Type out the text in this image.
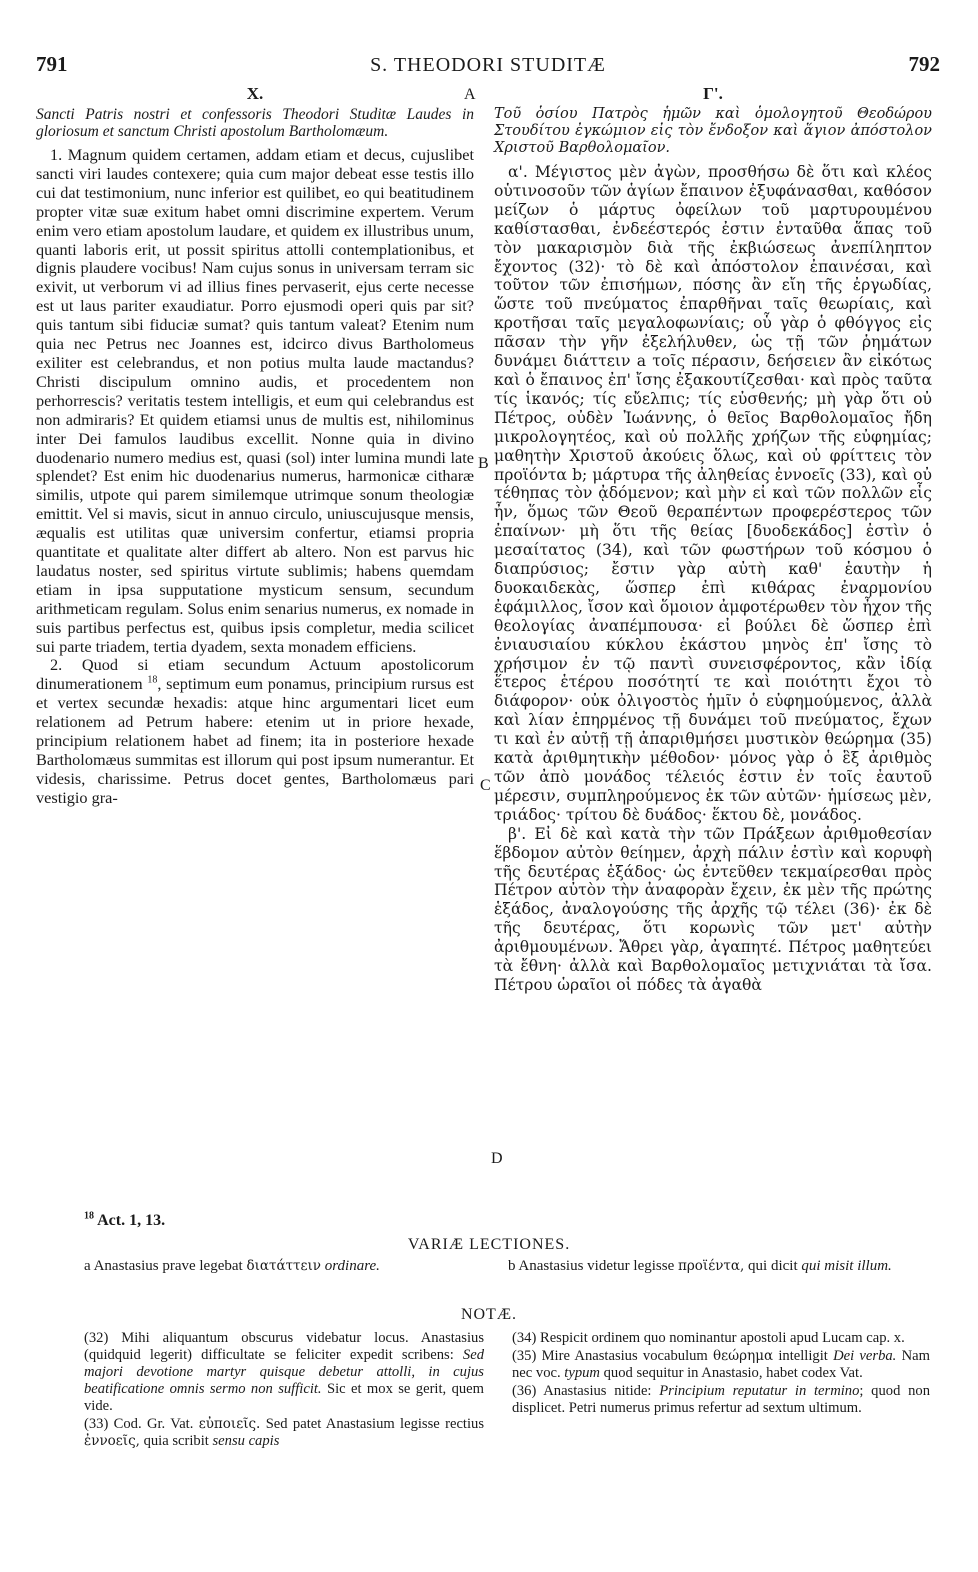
791	S. THEODORI STUDITÆ	792
A
B
C
D
X.
Sancti Patris nostri et confessoris Theodori Studitæ Laudes in gloriosum et sanctum Christi apostolum Bartholomæum.

1. Magnum quidem certamen, addam etiam et decus, cujuslibet sancti viri laudes contexere; quia cum major debeat esse testis illo cui dat testimonium, nunc inferior est quilibet, eo qui beatitudinem propter vitæ suæ exitum habet omni discrimine expertem. Verum enim vero etiam apostolum laudare, et quidem ex illustribus unum, quanti laboris erit, ut possit spiritus attolli contemplationibus, et dignis plaudere vocibus! Nam cujus sonus in universam terram sic exivit, ut verborum vi ad illius fines pervaserit, ejus certe necesse est ut laus pariter exaudiatur. Porro ejusmodi operi quis par sit? quis tantum sibi fiduciæ sumat? quis tantum valeat? Etenim num quia nec Petrus nec Joannes est, idcirco divus Bartholomeus exiliter est celebrandus, et non potius multa laude mactandus? Christi discipulum omnino audis, et procedentem non perhorrescis? veritatis testem intelligis, et eum qui celebrandus est non admiraris? Et quidem etiamsi unus de multis est, nihilominus inter Dei famulos laudibus excellit. Nonne quia in divino duodenario numero medius est, quasi (sol) inter lumina mundi late splendet? Est enim hic duodenarius numerus, harmonicæ citharæ similis, utpote qui parem similemque utrimque sonum theologiæ emittit. Vel si mavis, sicut in annuo circulo, uniuscujusque mensis, æqualis est utilitas quæ universim confertur, etiamsi propria quantitate et qualitate alter differt ab altero. Non est parvus hic laudatus noster, sed spiritus virtute sublimis; habens quemdam etiam in ipsa supputatione mysticum sensum, secundum arithmeticam regulam. Solus enim senarius numerus, ex nomade in suis partibus perfectus est, quibus ipsis completur, media scilicet sui parte triadem, tertia dyadem, sexta monadem efficiens.

2. Quod si etiam secundum Actuum apostolicorum dinumerationem $^{18}$, septimum eum ponamus, principium rursus est et vertex secundæ hexadis: atque hinc argumentari licet eum relationem ad Petrum habere: etenim ut in priore hexade, principium relationem habet ad finem; ita in posteriore hexade Bartholomæus summitas est illorum qui post ipsum numerantur. Et videsis, charissime. Petrus docet gentes, Bartholomæus pari vestigio gra-

Γ'.
Τοῦ ὁσίου Πατρὸς ἡμῶν καὶ ὁμολογητοῦ Θεοδώρου Στουδίτου ἐγκώμιον εἰς τὸν ἔνδοξον καὶ ἅγιον ἀπόστολον Χριστοῦ Βαρθολομαῖον.

α'. Μέγιστος μὲν ἀγὼν, προσθήσω δὲ ὅτι καὶ κλέος οὑτινοσοῦν τῶν ἁγίων ἔπαινον ἐξυφάνασθαι, καθόσον μείζων ὁ μάρτυς ὀφείλων τοῦ μαρτυρουμένου καθίστασθαι, ἐνδεέστερός ἐστιν ἐνταῦθα ἅπας τοῦ τὸν μακαρισμὸν διὰ τῆς ἐκβιώσεως ἀνεπίληπτον ἔχοντος (32)· τὸ δὲ καὶ ἀπόστολον ἐπαινέσαι, καὶ τοῦτον τῶν ἐπισήμων, πόσης ἂν εἴη τῆς ἐργωδίας, ὥστε τοῦ πνεύματος ἐπαρθῆναι ταῖς θεωρίαις, καὶ κροτῆσαι ταῖς μεγαλοφωνίαις; οὗ γὰρ ὁ φθόγγος εἰς πᾶσαν τὴν γῆν ἐξελήλυθεν, ὡς τῇ τῶν ῥημάτων δυνάμει διάττειν a τοῖς πέρασιν, δεήσειεν ἂν εἰκότως καὶ ὁ ἔπαινος ἐπ' ἴσης ἐξακουτίζεσθαι· καὶ πρὸς ταῦτα τίς ἱκανός; τίς εὔελπις; τίς εὐσθενής; μὴ γὰρ ὅτι οὐ Πέτρος, οὐδὲν Ἰωάννης, ὁ θεῖος Βαρθολομαῖος ἤδη μικρολογητέος, καὶ οὐ πολλῆς χρήζων τῆς εὐφημίας; μαθητὴν Χριστοῦ ἀκούεις ὅλως, καὶ οὐ φρίττεις τὸν προϊόντα b; μάρτυρα τῆς ἀληθείας ἐννοεῖς (33), καὶ οὐ τέθηπας τὸν ᾀδόμενον; καὶ μὴν εἰ καὶ τῶν πολλῶν εἷς ἦν, ὅμως τῶν Θεοῦ θεραπέντων προφερέστερος τῶν ἐπαίνων· μὴ ὅτι τῆς θείας [δυοδεκάδος] ἐστὶν ὁ μεσαίτατος (34), καὶ τῶν φωστήρων τοῦ κόσμου ὁ διαπρύσιος; ἔστιν γὰρ αὐτὴ καθ' ἑαυτὴν ἡ δυοκαιδεκὰς, ὥσπερ ἐπὶ κιθάρας ἐναρμονίου ἐφάμιλλος, ἴσον καὶ ὅμοιον ἀμφοτέρωθεν τὸν ἦχον τῆς θεολογίας ἀναπέμπουσα· εἰ βούλει δὲ ὥσπερ ἐπὶ ἐνιαυσιαίου κύκλου ἑκάστου μηνὸς ἐπ' ἴσης τὸ χρήσιμον ἐν τῷ παντὶ συνεισφέροντος, κἂν ἰδίᾳ ἕτερος ἑτέρου ποσότητί τε καὶ ποιότητι ἔχοι τὸ διάφορον· οὐκ ὀλιγοστὸς ἡμῖν ὁ εὐφημούμενος, ἀλλὰ καὶ λίαν ἐπηρμένος τῇ δυνάμει τοῦ πνεύματος, ἔχων τι καὶ ἐν αὐτῇ τῇ ἀπαριθμήσει μυστικὸν θεώρημα (35) κατὰ ἀριθμητικὴν μέθοδον· μόνος γὰρ ὁ ἓξ ἀριθμὸς τῶν ἀπὸ μονάδος τέλειός ἐστιν ἐν τοῖς ἑαυτοῦ μέρεσιν, συμπληρούμενος ἐκ τῶν αὐτῶν· ἡμίσεως μὲν, τριάδος· τρίτου δὲ δυάδος· ἕκτου δὲ, μονάδος.

β'. Εἰ δὲ καὶ κατὰ τὴν τῶν Πράξεων ἀριθμοθεσίαν ἕβδομον αὐτὸν θείημεν, ἀρχὴ πάλιν ἐστὶν καὶ κορυφὴ τῆς δευτέρας ἑξάδος· ὡς ἐντεῦθεν τεκμαίρεσθαι πρὸς Πέτρον αὐτὸν τὴν ἀναφορὰν ἔχειν, ἐκ μὲν τῆς πρώτης ἑξάδος, ἀναλογούσης τῆς ἀρχῆς τῷ τέλει (36)· ἐκ δὲ τῆς δευτέρας, ὅτι κορωνὶς τῶν μετ' αὐτὴν ἀριθμουμένων. Ἄθρει γὰρ, ἀγαπητέ. Πέτρος μαθητεύει τὰ ἔθνη· ἀλλὰ καὶ Βαρθολομαῖος μετιχνιάται τὰ ἴσα. Πέτρου ὡραῖοι οἱ πόδες τὰ ἀγαθὰ

$^{18}$ Act. 1, 13.
VARIÆ LECTIONES.
a Anastasius prave legebat διατάττειν ordinare.	b Anastasius videtur legisse προϊέντα, qui dicit qui misit illum.
NOTÆ.

(32) Mihi aliquantum obscurus videbatur locus. Anastasius (quidquid legerit) difficultate se feliciter expedit scribens: Sed majori devotione martyr quisque debetur attolli, in cujus beatificatione omnis sermo non sufficit. Sic et mox se gerit, quem vide.

(33) Cod. Gr. Vat. εὐποιεῖς. Sed patet Anastasium legisse rectius ἐννοεῖς, quia scribit sensu capis

(34) Respicit ordinem quo nominantur apostoli apud Lucam cap. x.

(35) Mire Anastasius vocabulum θεώρημα intelligit Dei verba. Nam nec voc. typum quod sequitur in Anastasio, habet codex Vat.

(36) Anastasius nitide: Principium reputatur in termino; quod non displicet. Petri numerus primus refertur ad sextum ultimum.
